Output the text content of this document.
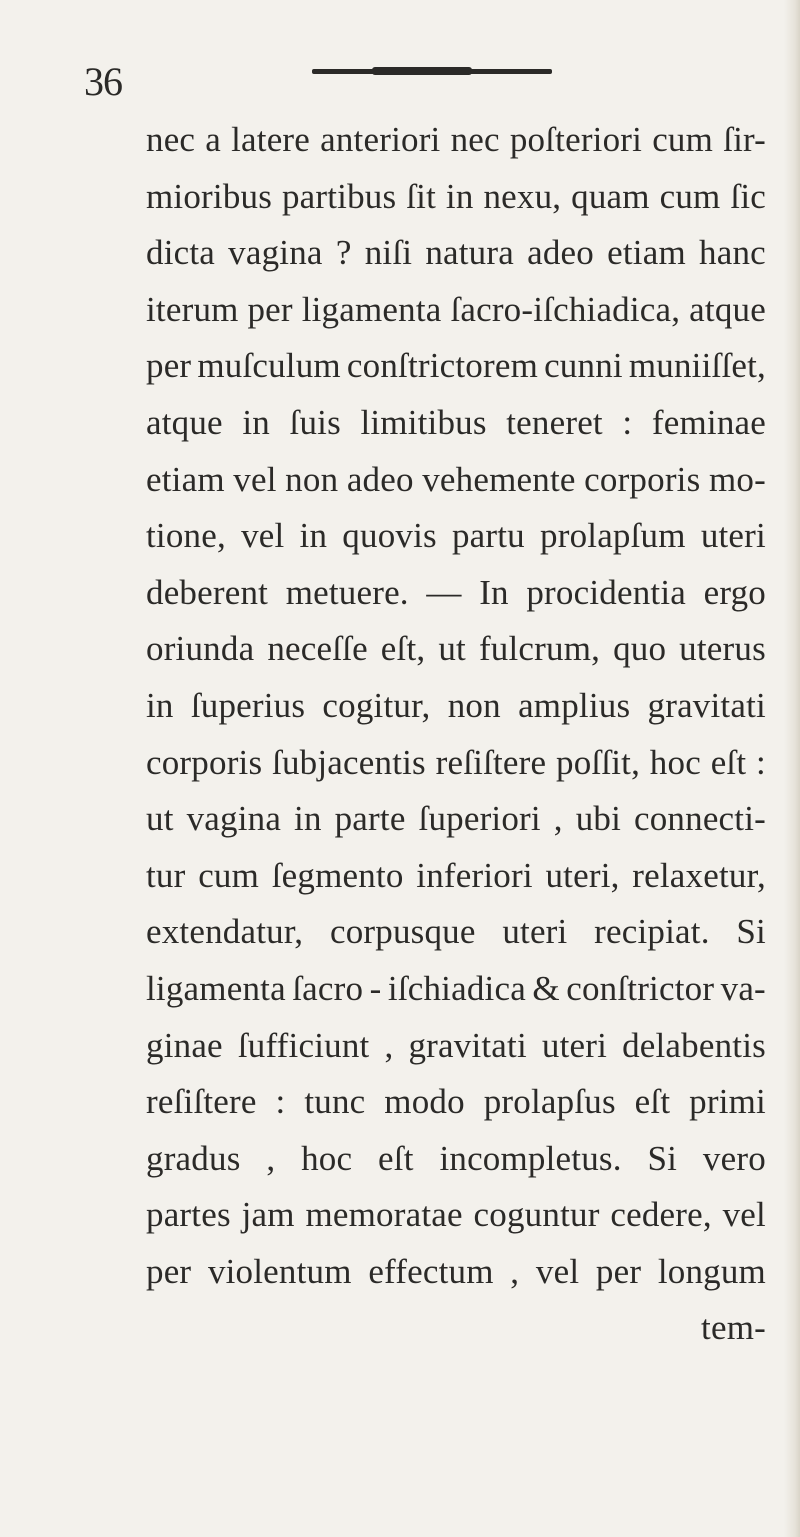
36
nec a latere anteriori nec poſteriori cum ſir-
mioribus partibus ſit in nexu, quam cum ſic
dicta vagina ? niſi natura adeo etiam hanc
iterum per ligamenta ſacro-iſchiadica, atque
per muſculum conſtrictorem cunni muniiſſet,
atque in ſuis limitibus teneret : feminae
etiam vel non adeo vehemente corporis mo-
tione, vel in quovis partu prolapſum uteri
deberent metuere. — In procidentia ergo
oriunda neceſſe eſt, ut fulcrum, quo uterus
in ſuperius cogitur, non amplius gravitati
corporis ſubjacentis reſiſtere poſſit, hoc eſt :
ut vagina in parte ſuperiori , ubi connecti-
tur cum ſegmento inferiori uteri, relaxetur,
extendatur, corpusque uteri recipiat. Si
ligamenta ſacro - iſchiadica & conſtrictor va-
ginae ſufficiunt , gravitati uteri delabentis
reſiſtere : tunc modo prolapſus eſt primi
gradus , hoc eſt incompletus. Si vero
partes jam memoratae coguntur cedere, vel
per violentum effectum , vel per longum
tem-
